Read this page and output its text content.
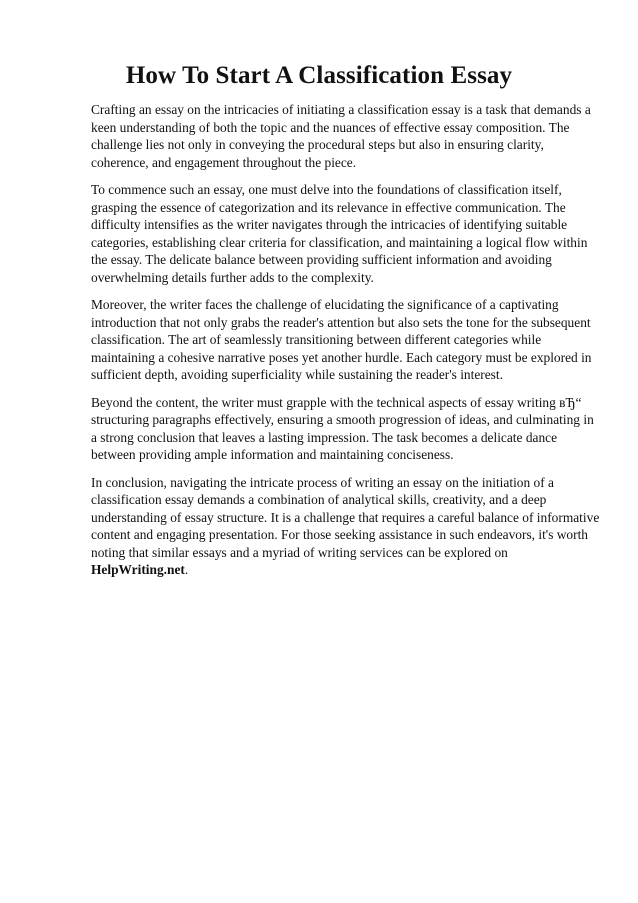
How To Start A Classification Essay

Crafting an essay on the intricacies of initiating a classification essay is a task that demands a keen understanding of both the topic and the nuances of effective essay composition. The challenge lies not only in conveying the procedural steps but also in ensuring clarity, coherence, and engagement throughout the piece.

To commence such an essay, one must delve into the foundations of classification itself, grasping the essence of categorization and its relevance in effective communication. The difficulty intensifies as the writer navigates through the intricacies of identifying suitable categories, establishing clear criteria for classification, and maintaining a logical flow within the essay. The delicate balance between providing sufficient information and avoiding overwhelming details further adds to the complexity.

Moreover, the writer faces the challenge of elucidating the significance of a captivating introduction that not only grabs the reader's attention but also sets the tone for the subsequent classification. The art of seamlessly transitioning between different categories while maintaining a cohesive narrative poses yet another hurdle. Each category must be explored in sufficient depth, avoiding superficiality while sustaining the reader's interest.

Beyond the content, the writer must grapple with the technical aspects of essay writing вЂ“ structuring paragraphs effectively, ensuring a smooth progression of ideas, and culminating in a strong conclusion that leaves a lasting impression. The task becomes a delicate dance between providing ample information and maintaining conciseness.

In conclusion, navigating the intricate process of writing an essay on the initiation of a classification essay demands a combination of analytical skills, creativity, and a deep understanding of essay structure. It is a challenge that requires a careful balance of informative content and engaging presentation. For those seeking assistance in such endeavors, it's worth noting that similar essays and a myriad of writing services can be explored on HelpWriting.net.
